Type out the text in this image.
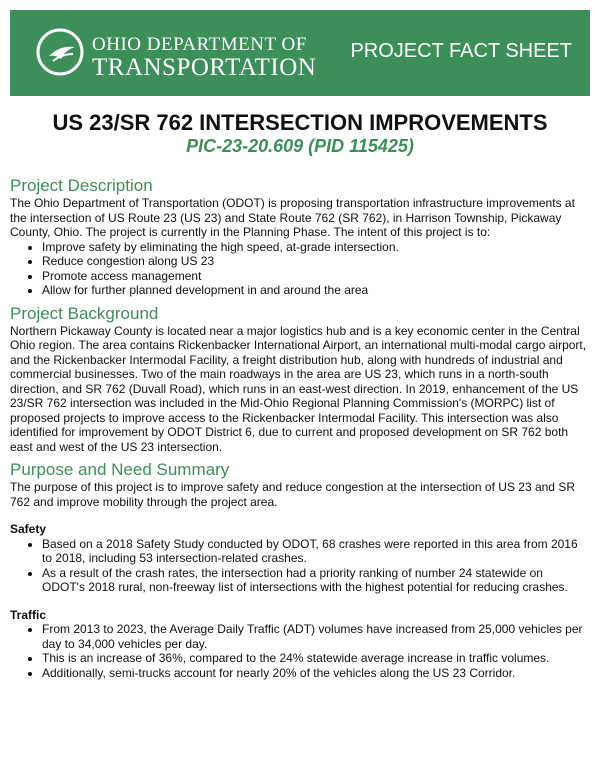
OHIO DEPARTMENT OF
TRANSPORTATION
PROJECT FACT SHEET
US 23/SR 762 INTERSECTION IMPROVEMENTS
PIC-23-20.609 (PID 115425)
Project Description

The Ohio Department of Transportation (ODOT) is proposing transportation infrastructure improvements at the intersection of US Route 23 (US 23) and State Route 762 (SR 762), in Harrison Township, Pickaway County, Ohio. The project is currently in the Planning Phase. The intent of this project is to:

• Improve safety by eliminating the high speed, at-grade intersection.
• Reduce congestion along US 23
• Promote access management
• Allow for further planned development in and around the area
Project Background

Northern Pickaway County is located near a major logistics hub and is a key economic center in the Central Ohio region. The area contains Rickenbacker International Airport, an international multi-modal cargo airport, and the Rickenbacker Intermodal Facility, a freight distribution hub, along with hundreds of industrial and commercial businesses. Two of the main roadways in the area are US 23, which runs in a north-south direction, and SR 762 (Duvall Road), which runs in an east-west direction. In 2019, enhancement of the US 23/SR 762 intersection was included in the Mid-Ohio Regional Planning Commission's (MORPC) list of proposed projects to improve access to the Rickenbacker Intermodal Facility. This intersection was also identified for improvement by ODOT District 6, due to current and proposed development on SR 762 both east and west of the US 23 intersection.

Purpose and Need Summary

The purpose of this project is to improve safety and reduce congestion at the intersection of US 23 and SR 762 and improve mobility through the project area.

Safety

• Based on a 2018 Safety Study conducted by ODOT, 68 crashes were reported in this area from 2016 to 2018, including 53 intersection-related crashes.
• As a result of the crash rates, the intersection had a priority ranking of number 24 statewide on ODOT's 2018 rural, non-freeway list of intersections with the highest potential for reducing crashes.

Traffic

• From 2013 to 2023, the Average Daily Traffic (ADT) volumes have increased from 25,000 vehicles per day to 34,000 vehicles per day.
• This is an increase of 36%, compared to the 24% statewide average increase in traffic volumes.
• Additionally, semi-trucks account for nearly 20% of the vehicles along the US 23 Corridor.
